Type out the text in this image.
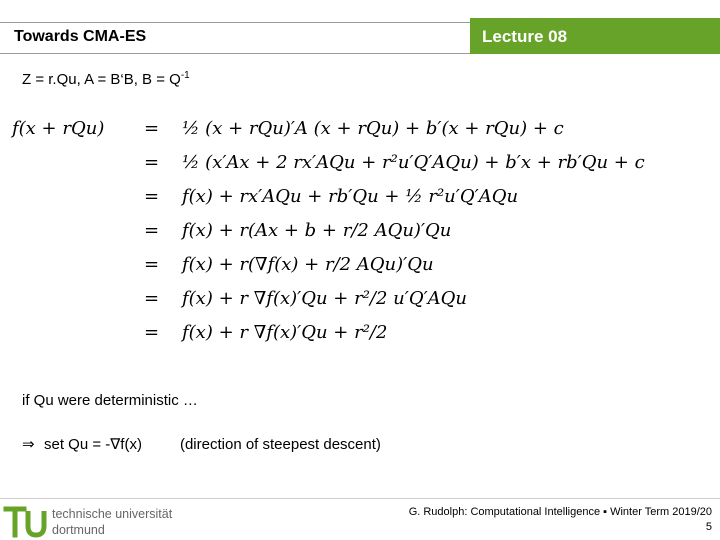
Towards CMA-ES	Lecture 08
Z = r.Qu, A = B‘B, $B = Q^{-1}$
f(x + rQu) = ½ (x + rQu)′A (x + rQu) + b′(x + rQu) + c
= ½ (x′Ax + 2 rx′AQu + r²u′Q′AQu) + b′x + rb′Qu + c
= f(x) + rx′AQu + rb′Qu + ½ r²u′Q′AQu
= f(x) + r(Ax + b + r/2 AQu)′Qu
= f(x) + r(∇f(x) + r/2 AQu)′Qu
= f(x) + r ∇f(x)′Qu + r²/2 u′Q′AQu
= f(x) + r ∇f(x)′Qu + r²/2
if Qu were deterministic …
⇒ set Qu = -∇f(x)	(direction of steepest descent)
technische universität
dortmund
G. Rudolph: Computational Intelligence ▪ Winter Term 2019/20
5
